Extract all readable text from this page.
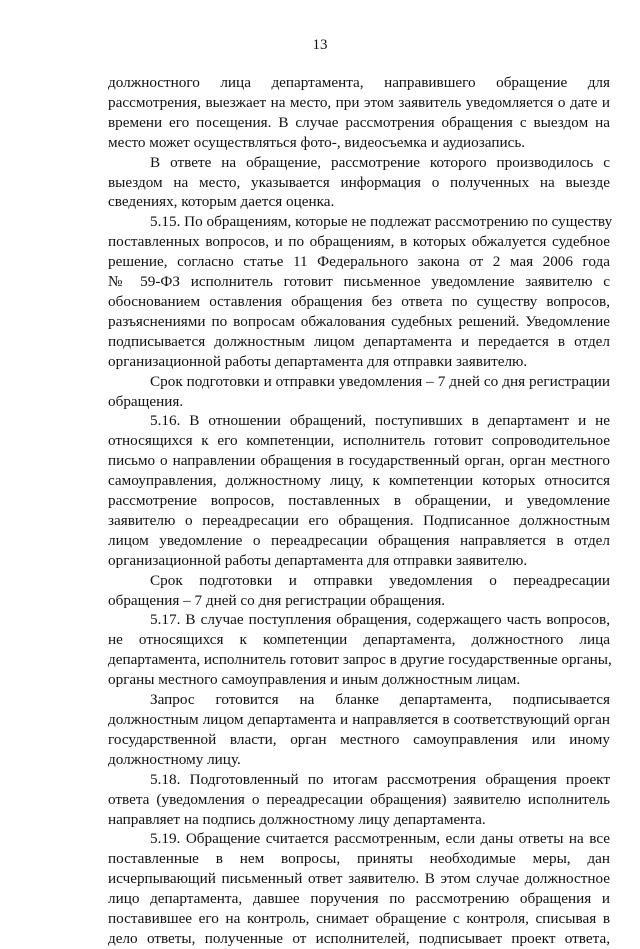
13

должностного лица департамента, направившего обращение для
рассмотрения, выезжает на место, при этом заявитель уведомляется о дате и
времени его посещения. В случае рассмотрения обращения с выездом на
место может осуществляться фото-, видеосъемка и аудиозапись.

В ответе на обращение, рассмотрение которого производилось с
выездом на место, указывается информация о полученных на выезде
сведениях, которым дается оценка.

5.15. По обращениям, которые не подлежат рассмотрению по существу
поставленных вопросов, и по обращениям, в которых обжалуется судебное
решение, согласно статье 11 Федерального закона от 2 мая 2006 года
№ 59-ФЗ исполнитель готовит письменное уведомление заявителю с
обоснованием оставления обращения без ответа по существу вопросов,
разъяснениями по вопросам обжалования судебных решений. Уведомление
подписывается должностным лицом департамента и передается в отдел
организационной работы департамента для отправки заявителю.

Срок подготовки и отправки уведомления – 7 дней со дня регистрации
обращения.

5.16. В отношении обращений, поступивших в департамент и не
относящихся к его компетенции, исполнитель готовит сопроводительное
письмо о направлении обращения в государственный орган, орган местного
самоуправления, должностному лицу, к компетенции которых относится
рассмотрение вопросов, поставленных в обращении, и уведомление
заявителю о переадресации его обращения. Подписанное должностным
лицом уведомление о переадресации обращения направляется в отдел
организационной работы департамента для отправки заявителю.

Срок подготовки и отправки уведомления о переадресации
обращения – 7 дней со дня регистрации обращения.

5.17. В случае поступления обращения, содержащего часть вопросов,
не относящихся к компетенции департамента, должностного лица
департамента, исполнитель готовит запрос в другие государственные органы,
органы местного самоуправления и иным должностным лицам.

Запрос готовится на бланке департамента, подписывается
должностным лицом департамента и направляется в соответствующий орган
государственной власти, орган местного самоуправления или иному
должностному лицу.

5.18. Подготовленный по итогам рассмотрения обращения проект
ответа (уведомления о переадресации обращения) заявителю исполнитель
направляет на подпись должностному лицу департамента.

5.19. Обращение считается рассмотренным, если даны ответы на все
поставленные в нем вопросы, приняты необходимые меры, дан
исчерпывающий письменный ответ заявителю. В этом случае должностное
лицо департамента, давшее поручения по рассмотрению обращения и
поставившее его на контроль, снимает обращение с контроля, списывая в
дело ответы, полученные от исполнителей, подписывает проект ответа,
